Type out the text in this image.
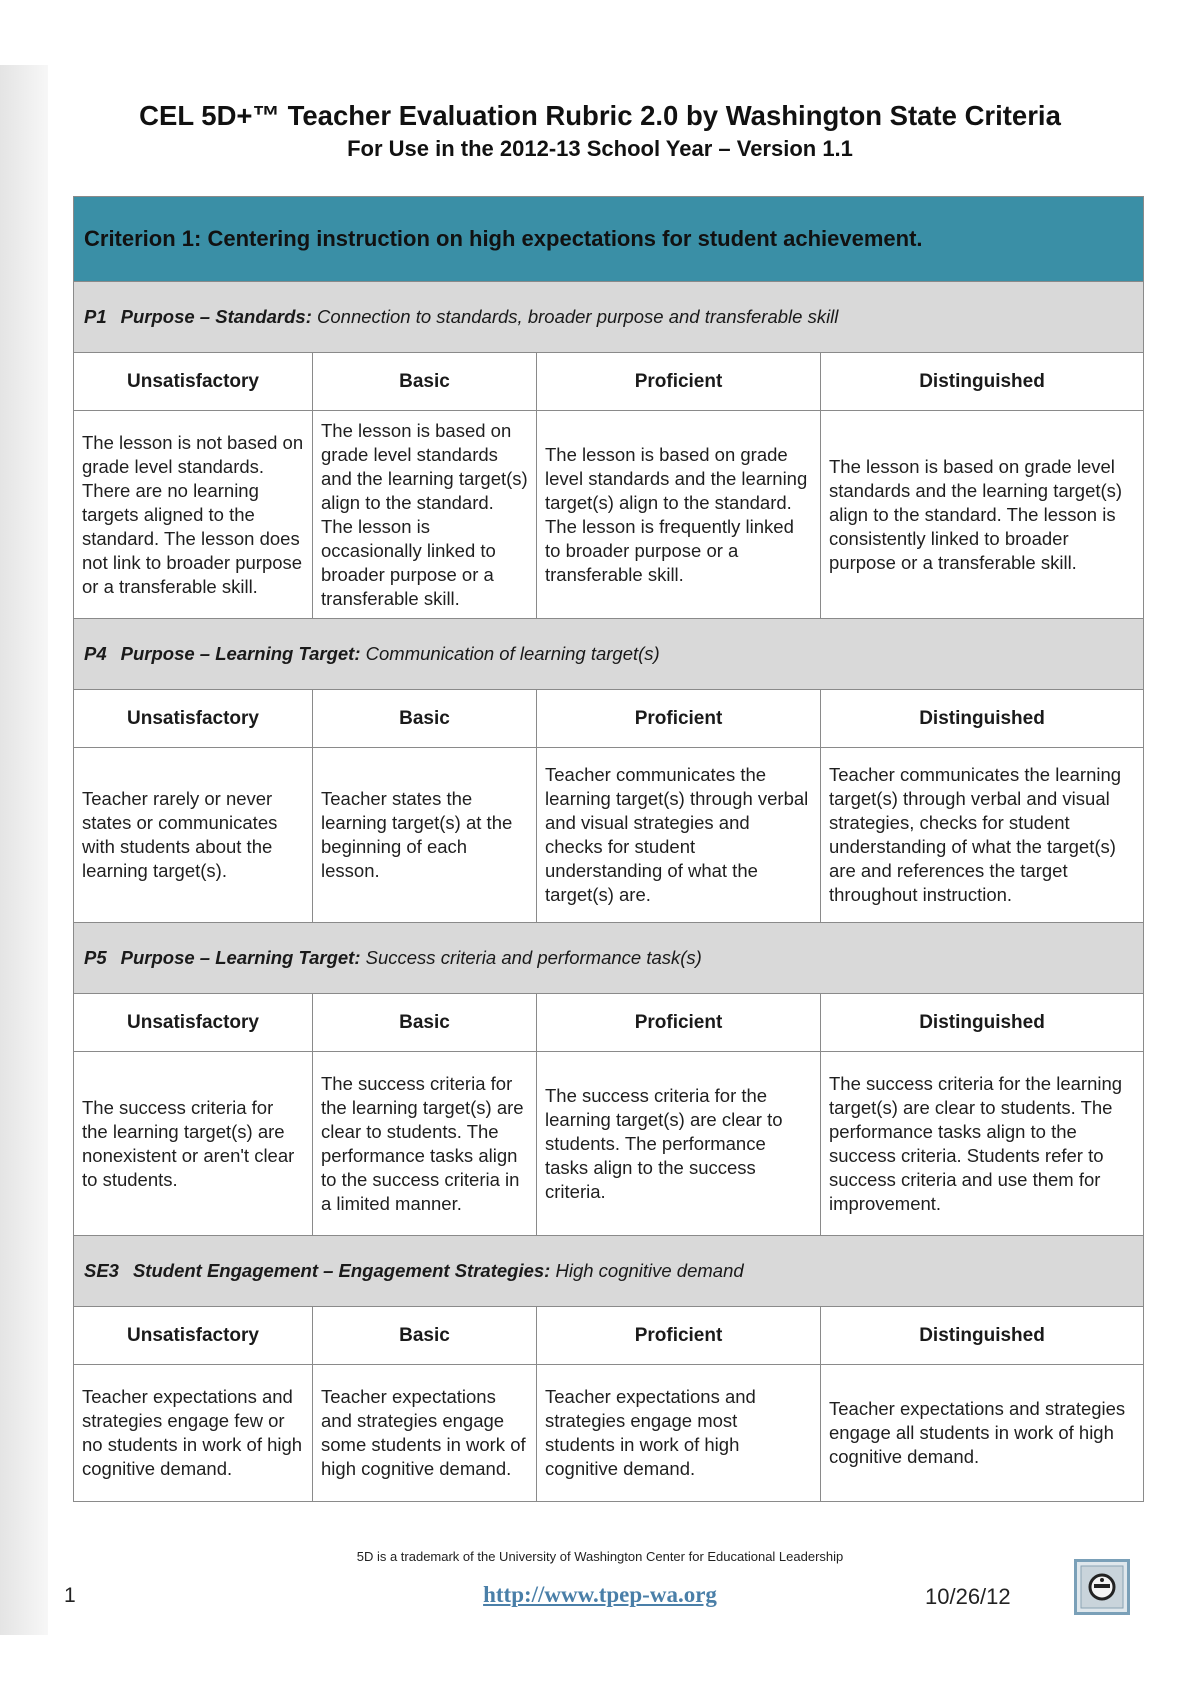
CEL 5D+™ Teacher Evaluation Rubric 2.0 by Washington State Criteria
For Use in the 2012-13 School Year – Version 1.1
Criterion 1: Centering instruction on high expectations for student achievement.			
P1 Purpose – Standards: Connection to standards, broader purpose and transferable skill			
Unsatisfactory	Basic	Proficient	Distinguished
The lesson is not based on grade level standards. There are no learning targets aligned to the standard. The lesson does not link to broader purpose or a transferable skill.	The lesson is based on grade level standards and the learning target(s) align to the standard. The lesson is occasionally linked to broader purpose or a transferable skill.	The lesson is based on grade level standards and the learning target(s) align to the standard. The lesson is frequently linked to broader purpose or a transferable skill.	The lesson is based on grade level standards and the learning target(s) align to the standard. The lesson is consistently linked to broader purpose or a transferable skill.
P4 Purpose – Learning Target: Communication of learning target(s)			
Unsatisfactory	Basic	Proficient	Distinguished
Teacher rarely or never states or communicates with students about the learning target(s).	Teacher states the learning target(s) at the beginning of each lesson.	Teacher communicates the learning target(s) through verbal and visual strategies and checks for student understanding of what the target(s) are.	Teacher communicates the learning target(s) through verbal and visual strategies, checks for student understanding of what the target(s) are and references the target throughout instruction.
P5 Purpose – Learning Target: Success criteria and performance task(s)			
Unsatisfactory	Basic	Proficient	Distinguished
The success criteria for the learning target(s) are nonexistent or aren't clear to students.	The success criteria for the learning target(s) are clear to students. The performance tasks align to the success criteria in a limited manner.	The success criteria for the learning target(s) are clear to students. The performance tasks align to the success criteria.	The success criteria for the learning target(s) are clear to students. The performance tasks align to the success criteria. Students refer to success criteria and use them for improvement.
SE3 Student Engagement – Engagement Strategies: High cognitive demand			
Unsatisfactory	Basic	Proficient	Distinguished
Teacher expectations and strategies engage few or no students in work of high cognitive demand.	Teacher expectations and strategies engage some students in work of high cognitive demand.	Teacher expectations and strategies engage most students in work of high cognitive demand.	Teacher expectations and strategies engage all students in work of high cognitive demand.
5D is a trademark of the University of Washington Center for Educational Leadership
1	http://www.tpep-wa.org	10/26/12
